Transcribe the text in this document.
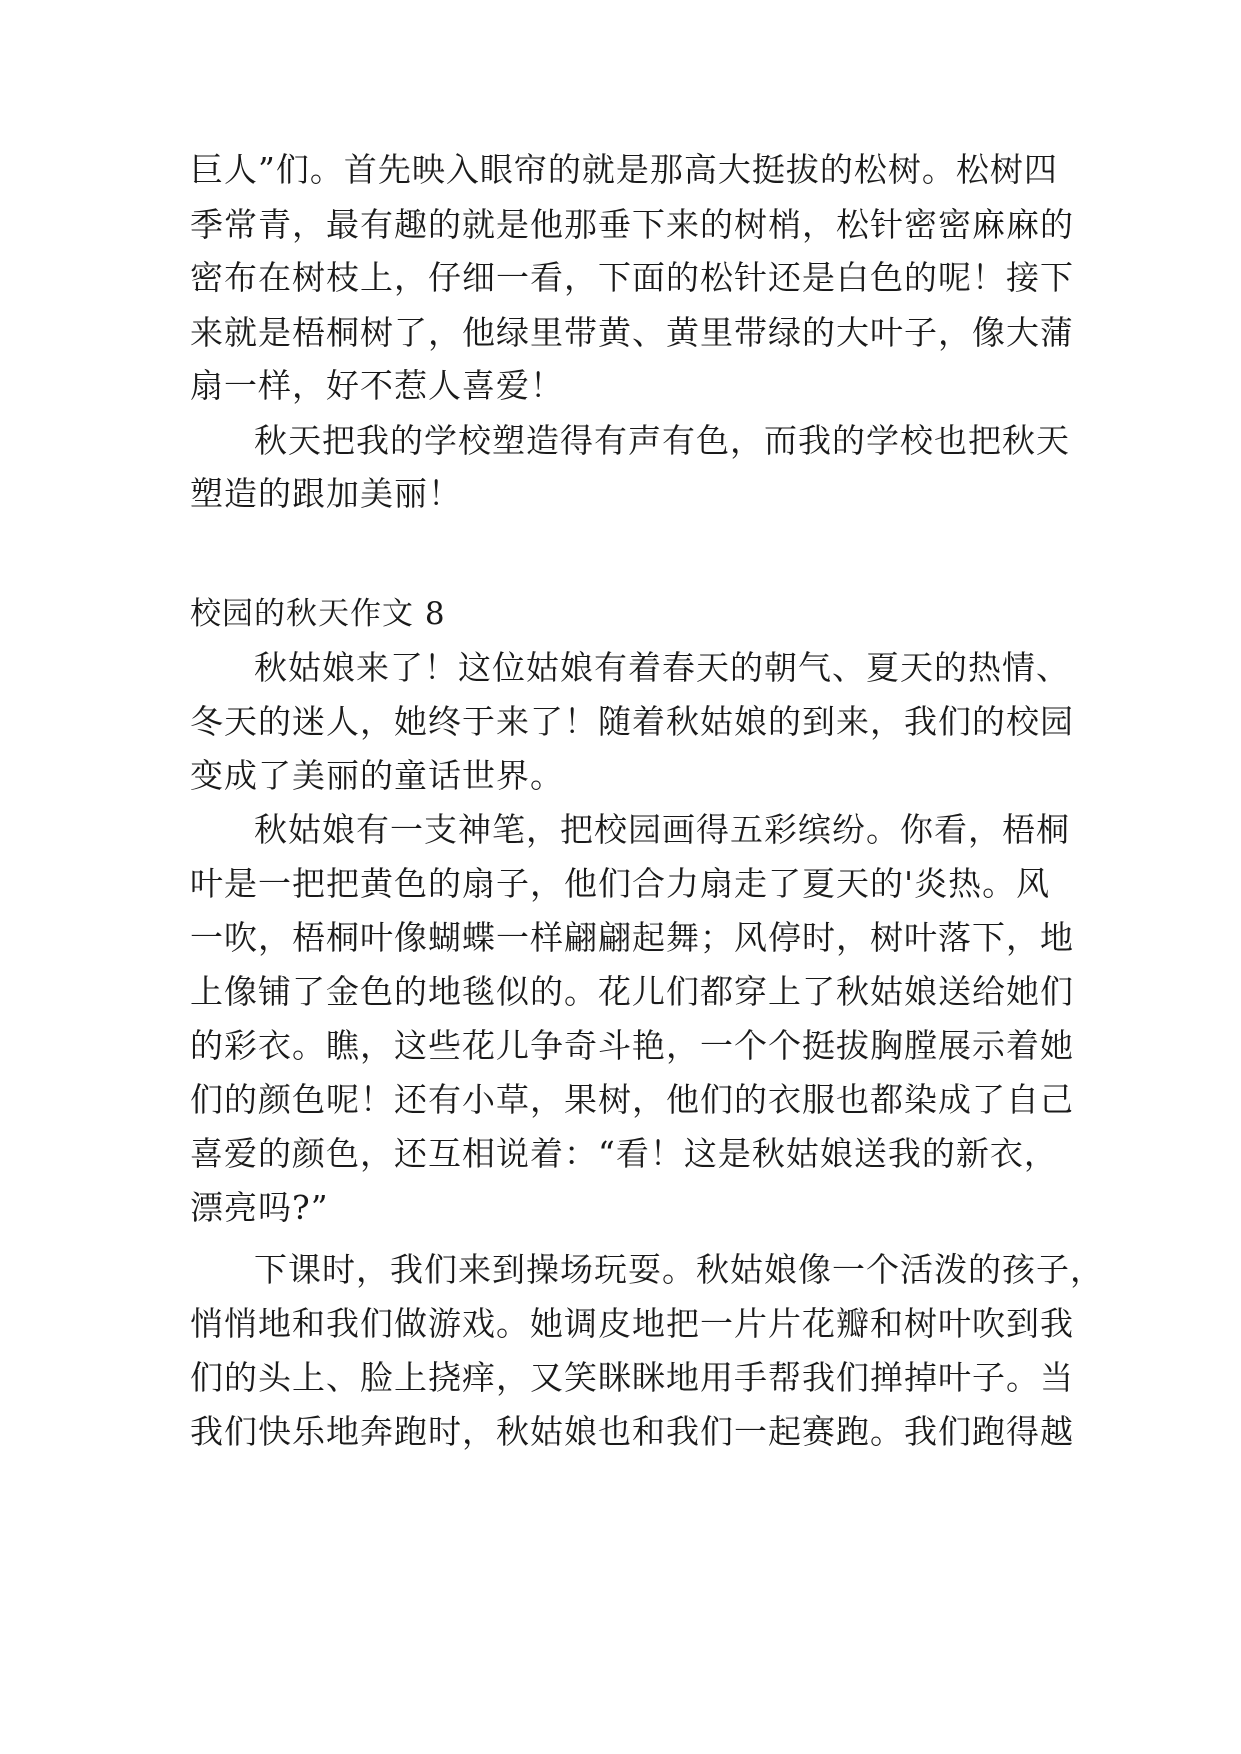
巨人”们。首先映入眼帘的就是那高大挺拔的松树。松树四
季常青，最有趣的就是他那垂下来的树梢，松针密密麻麻的
密布在树枝上，仔细一看，下面的松针还是白色的呢！接下
来就是梧桐树了，他绿里带黄、黄里带绿的大叶子，像大蒲
扇一样，好不惹人喜爱！
秋天把我的学校塑造得有声有色，而我的学校也把秋天
塑造的跟加美丽！
校园的秋天作文 8
秋姑娘来了！这位姑娘有着春天的朝气、夏天的热情、
冬天的迷人，她终于来了！随着秋姑娘的到来，我们的校园
变成了美丽的童话世界。
秋姑娘有一支神笔，把校园画得五彩缤纷。你看，梧桐
叶是一把把黄色的扇子，他们合力扇走了夏天的'炎热。风
一吹，梧桐叶像蝴蝶一样翩翩起舞；风停时，树叶落下，地
上像铺了金色的地毯似的。花儿们都穿上了秋姑娘送给她们
的彩衣。瞧，这些花儿争奇斗艳，一个个挺拔胸膛展示着她
们的颜色呢！还有小草，果树，他们的衣服也都染成了自己
喜爱的颜色，还互相说着：“看！这是秋姑娘送我的新衣，
漂亮吗?”
下课时，我们来到操场玩耍。秋姑娘像一个活泼的孩子，
悄悄地和我们做游戏。她调皮地把一片片花瓣和树叶吹到我
们的头上、脸上挠痒，又笑眯眯地用手帮我们掸掉叶子。当
我们快乐地奔跑时，秋姑娘也和我们一起赛跑。我们跑得越
